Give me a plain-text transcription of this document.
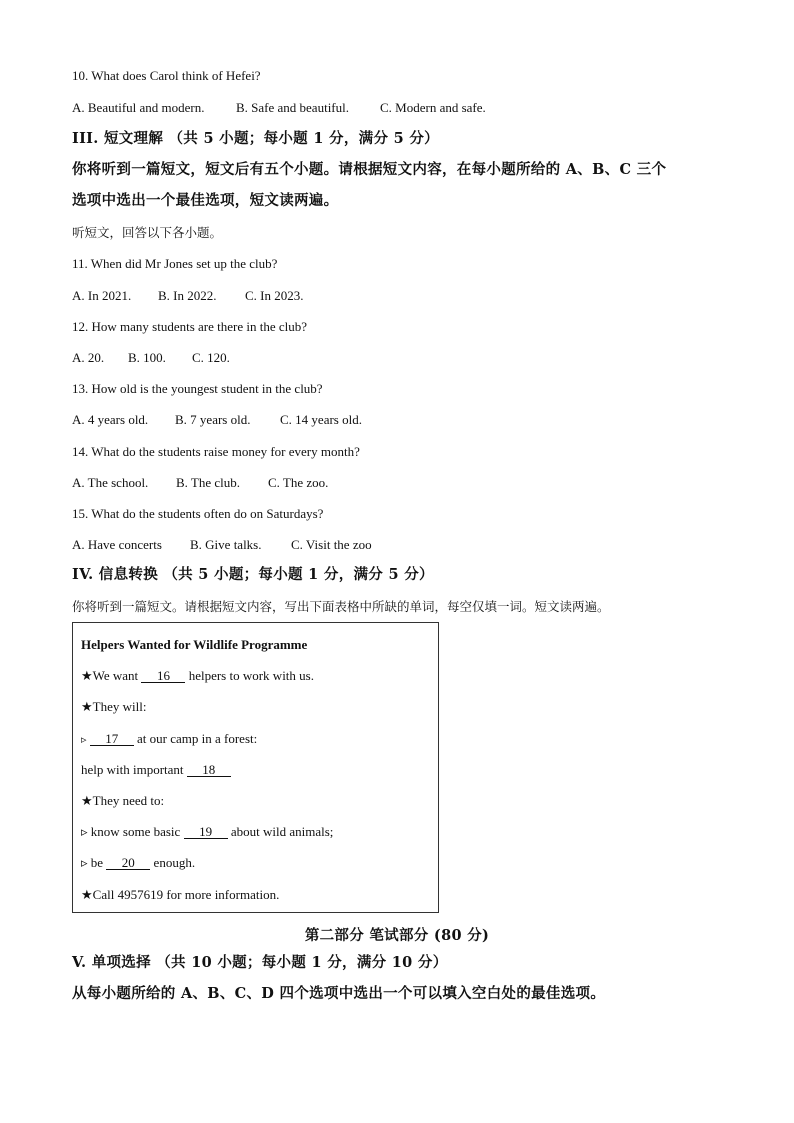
10. What does Carol think of Hefei?
A. Beautiful and modern. B. Safe and beautiful. C. Modern and safe.
III. 短文理解 （共 5 小题；每小题 1 分，满分 5 分）
你将听到一篇短文，短文后有五个小题。请根据短文内容，在每小题所给的 A、B、C 三个
选项中选出一个最佳选项，短文读两遍。
听短文，回答以下各小题。
11. When did Mr Jones set up the club?
A. In 2021. B. In 2022. C. In 2023.
12. How many students are there in the club?
A. 20. B. 100. C. 120.
13. How old is the youngest student in the club?
A. 4 years old. B. 7 years old. C. 14 years old.
14. What do the students raise money for every month?
A. The school. B. The club. C. The zoo.
15. What do the students often do on Saturdays?
A. Have concerts B. Give talks. C. Visit the zoo
IV. 信息转换 （共 5 小题；每小题 1 分，满分 5 分）
你将听到一篇短文。请根据短文内容，写出下面表格中所缺的单词，每空仅填一词。短文读两遍。
Helpers Wanted for Wildlife Programme
★We want 16 helpers to work with us.
★They will:
▹ 17 at our camp in a forest:
help with important 18
★They need to:
▹ know some basic 19 about wild animals;
▹ be 20 enough.
★Call 4957619 for more information.
第二部分 笔试部分 (80 分)
V. 单项选择 （共 10 小题；每小题 1 分，满分 10 分）
从每小题所给的 A、B、C、D 四个选项中选出一个可以填入空白处的最佳选项。
